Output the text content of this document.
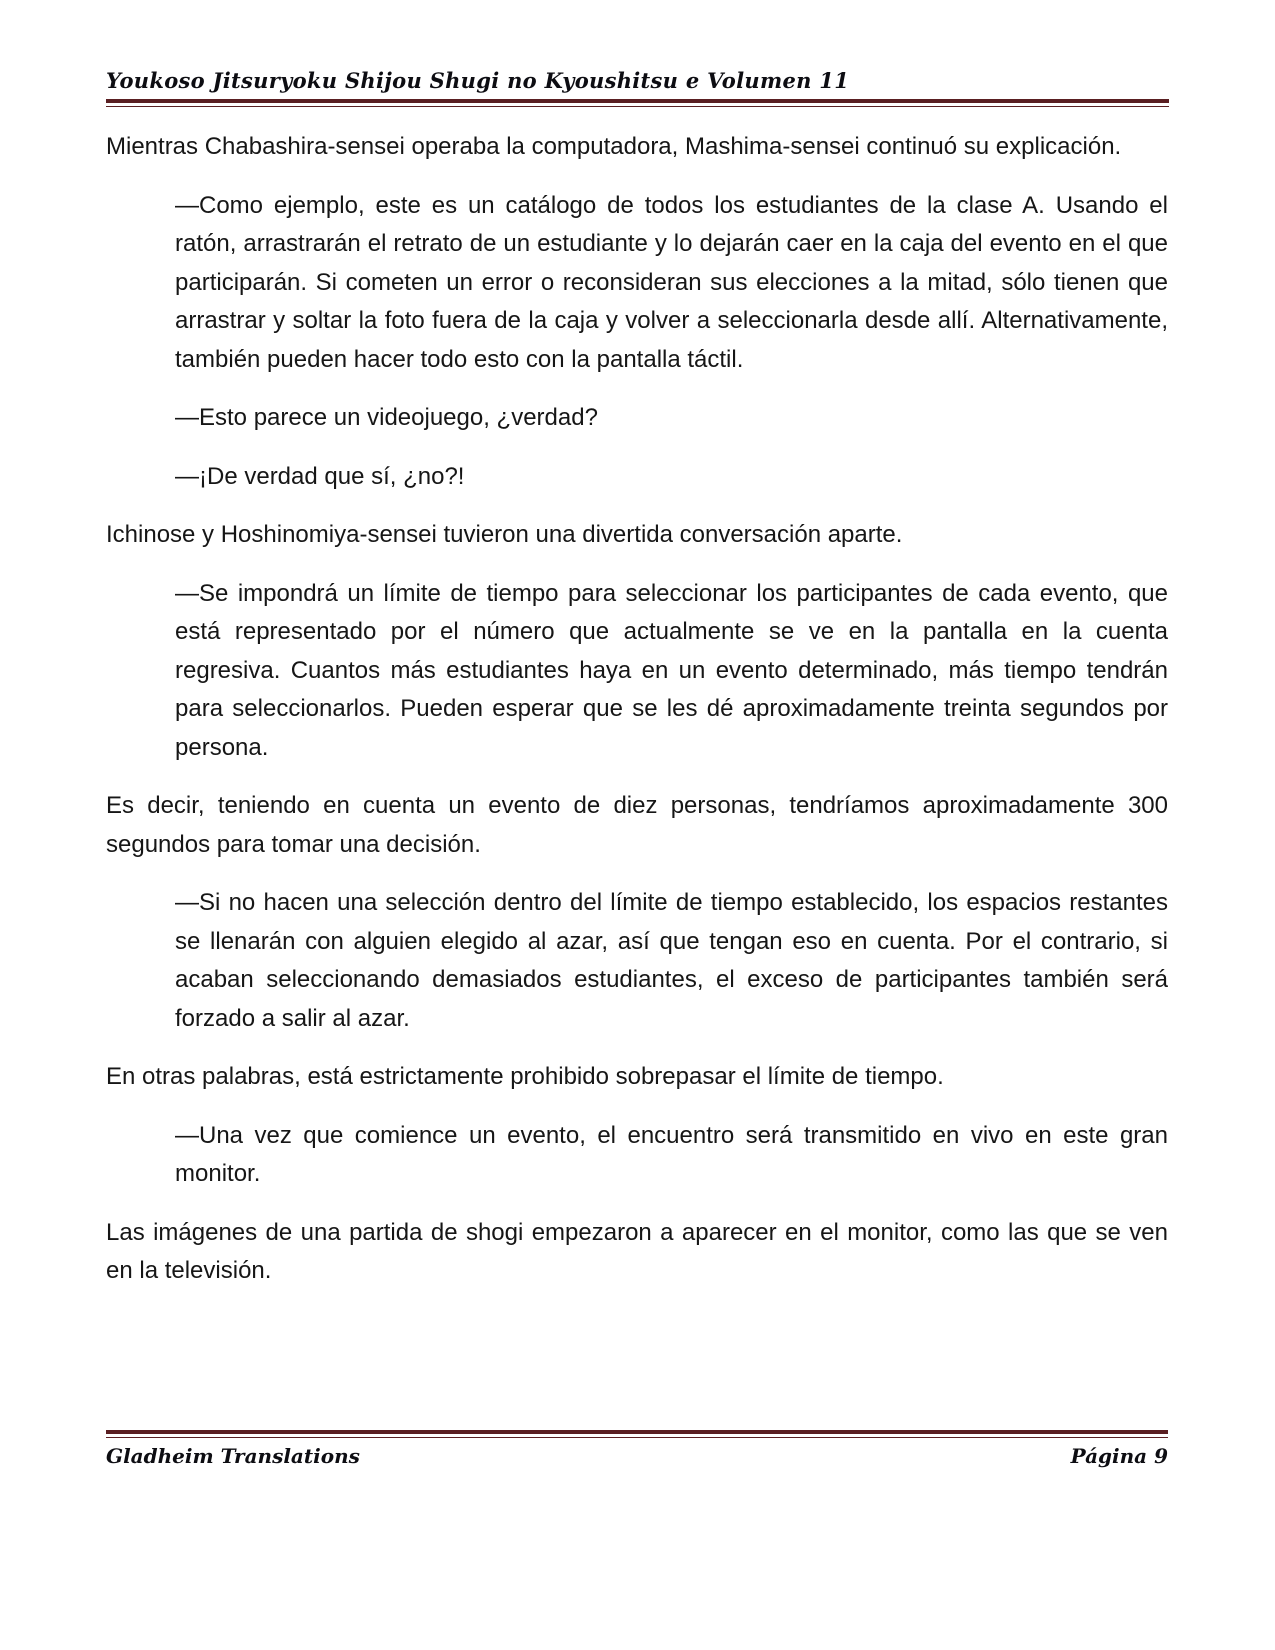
Youkoso Jitsuryoku Shijou Shugi no Kyoushitsu e Volumen 11

Mientras Chabashira-sensei operaba la computadora, Mashima-sensei continuó su explicación.

—Como ejemplo, este es un catálogo de todos los estudiantes de la clase A. Usando el ratón, arrastrarán el retrato de un estudiante y lo dejarán caer en la caja del evento en el que participarán. Si cometen un error o reconsideran sus elecciones a la mitad, sólo tienen que arrastrar y soltar la foto fuera de la caja y volver a seleccionarla desde allí. Alternativamente, también pueden hacer todo esto con la pantalla táctil.

—Esto parece un videojuego, ¿verdad?

—¡De verdad que sí, ¿no?!

Ichinose y Hoshinomiya-sensei tuvieron una divertida conversación aparte.

—Se impondrá un límite de tiempo para seleccionar los participantes de cada evento, que está representado por el número que actualmente se ve en la pantalla en la cuenta regresiva. Cuantos más estudiantes haya en un evento determinado, más tiempo tendrán para seleccionarlos. Pueden esperar que se les dé aproximadamente treinta segundos por persona.

Es decir, teniendo en cuenta un evento de diez personas, tendríamos aproximadamente 300 segundos para tomar una decisión.

—Si no hacen una selección dentro del límite de tiempo establecido, los espacios restantes se llenarán con alguien elegido al azar, así que tengan eso en cuenta. Por el contrario, si acaban seleccionando demasiados estudiantes, el exceso de participantes también será forzado a salir al azar.

En otras palabras, está estrictamente prohibido sobrepasar el límite de tiempo.

—Una vez que comience un evento, el encuentro será transmitido en vivo en este gran monitor.

Las imágenes de una partida de shogi empezaron a aparecer en el monitor, como las que se ven en la televisión.

Gladheim Translations	Página 9
